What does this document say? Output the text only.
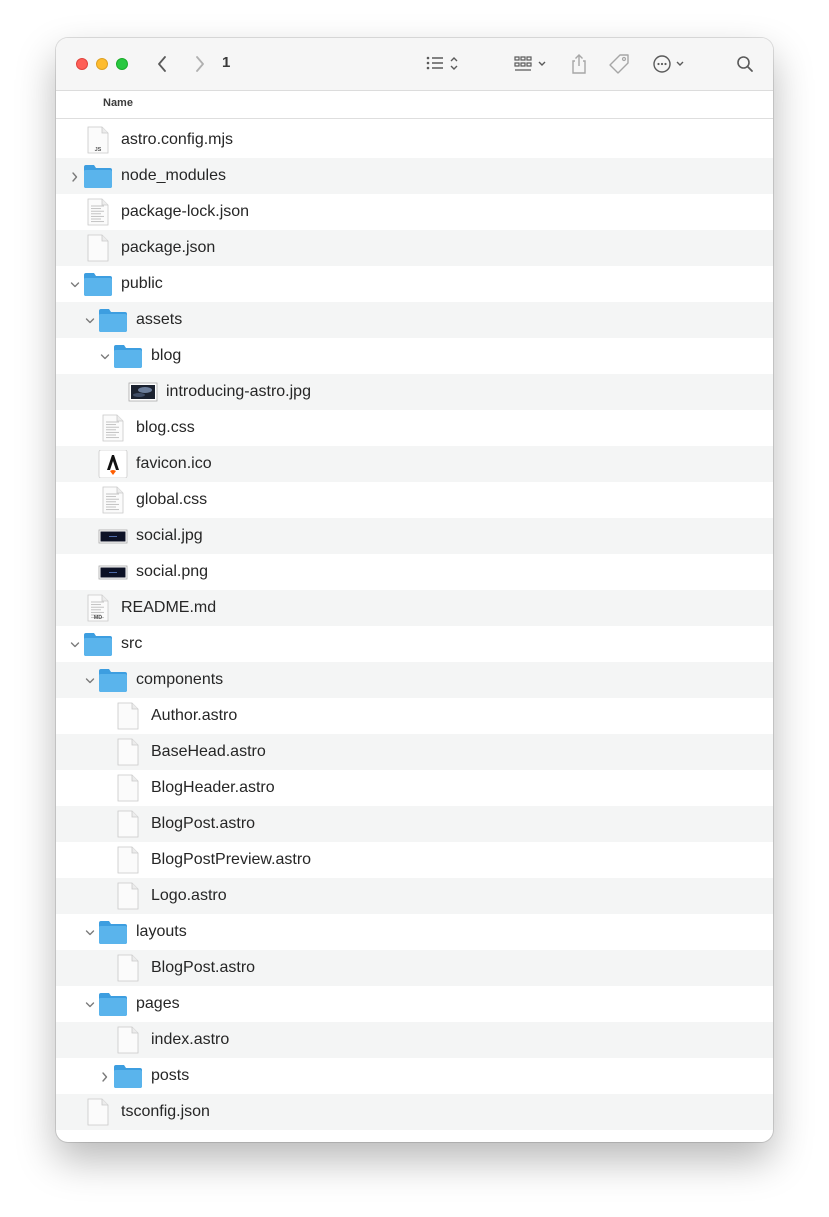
1
Name
JS
astro.config.mjs
node_modules
package-lock.json
package.json
public
assets
blog
introducing-astro.jpg
blog.css
favicon.ico
global.css
social.jpg
social.png
MD
README.md
src
components
Author.astro
BaseHead.astro
BlogHeader.astro
BlogPost.astro
BlogPostPreview.astro
Logo.astro
layouts
BlogPost.astro
pages
index.astro
posts
tsconfig.json
